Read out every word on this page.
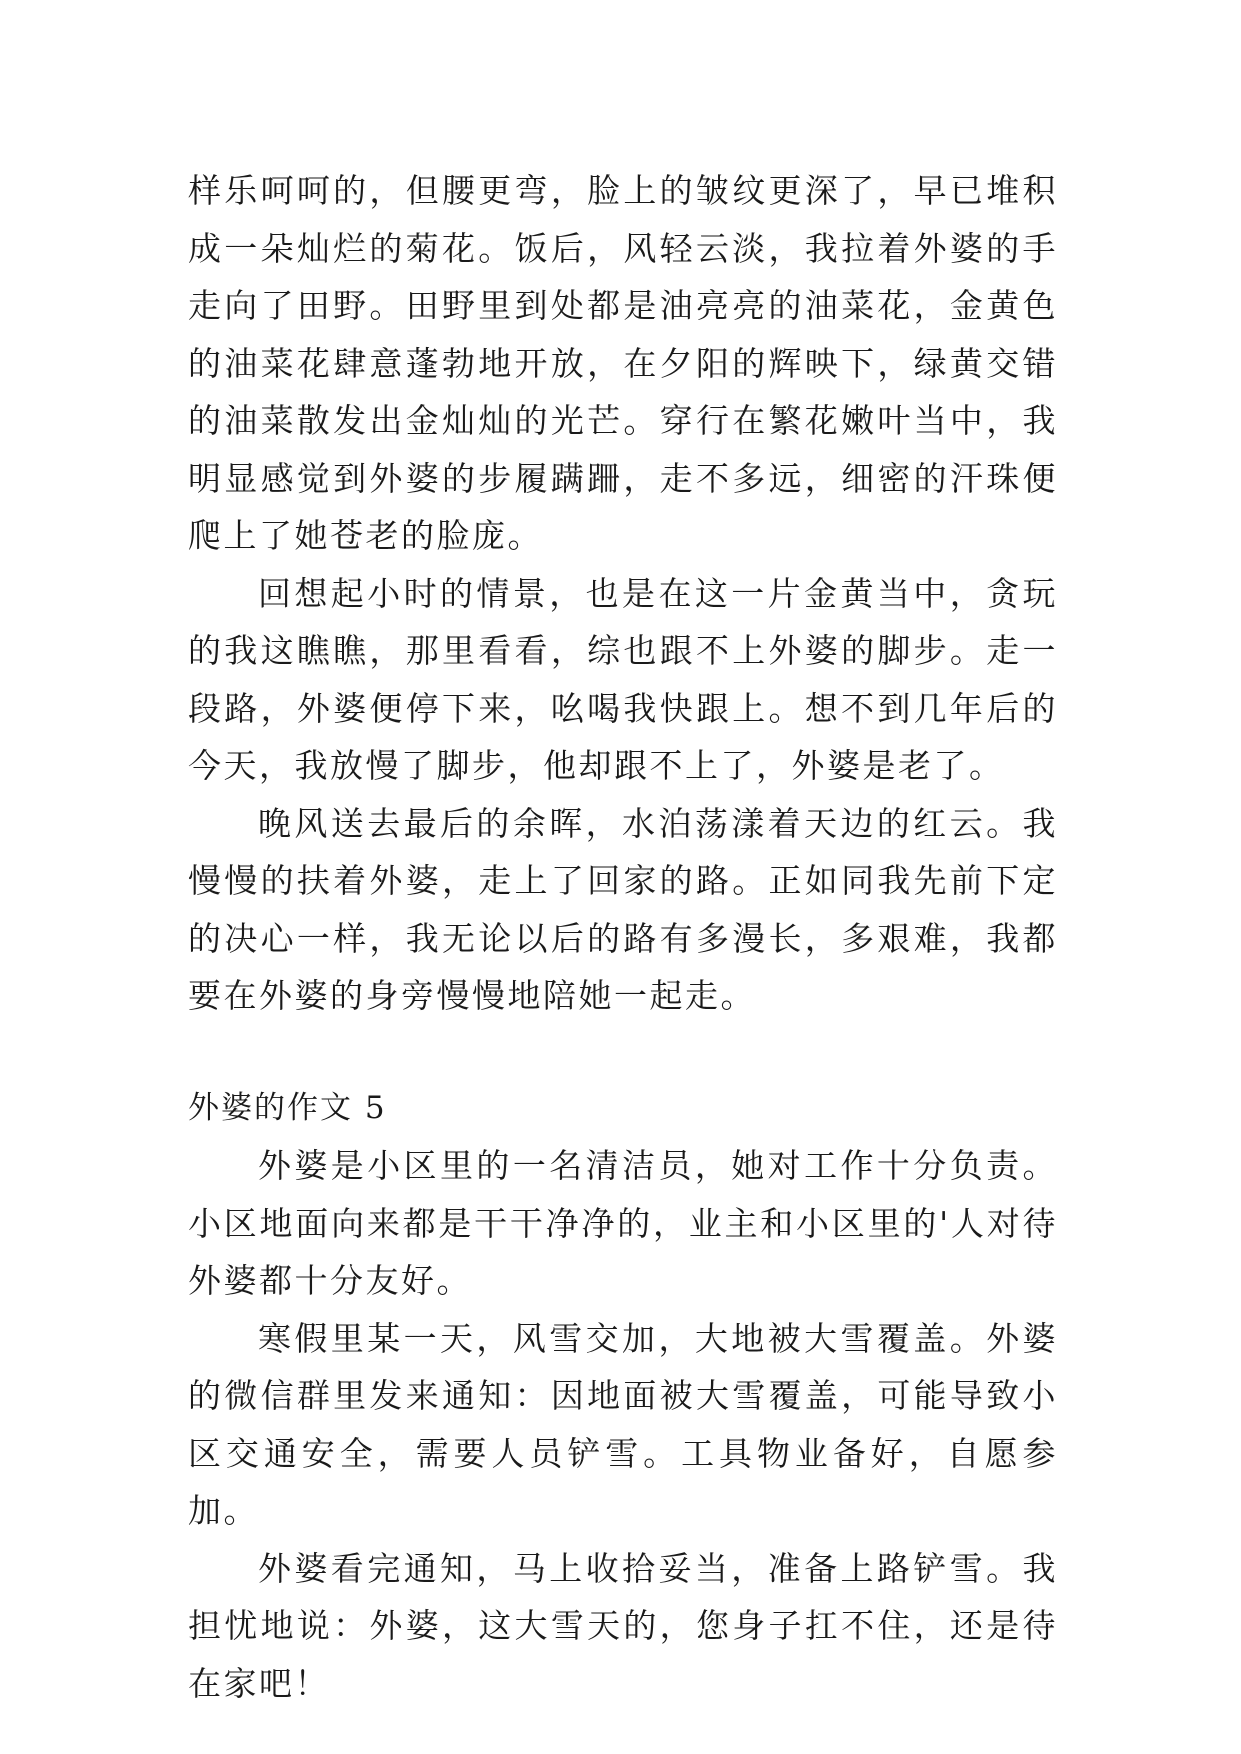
样乐呵呵的，但腰更弯，脸上的皱纹更深了，早已堆积成一朵灿烂的菊花。饭后，风轻云淡，我拉着外婆的手走向了田野。田野里到处都是油亮亮的油菜花，金黄色的油菜花肆意蓬勃地开放，在夕阳的辉映下，绿黄交错的油菜散发出金灿灿的光芒。穿行在繁花嫩叶当中，我明显感觉到外婆的步履蹒跚，走不多远，细密的汗珠便爬上了她苍老的脸庞。

回想起小时的情景，也是在这一片金黄当中，贪玩的我这瞧瞧，那里看看，综也跟不上外婆的脚步。走一段路，外婆便停下来，吆喝我快跟上。想不到几年后的今天，我放慢了脚步，他却跟不上了，外婆是老了。

晚风送去最后的余晖，水泊荡漾着天边的红云。我慢慢的扶着外婆，走上了回家的路。正如同我先前下定的决心一样，我无论以后的路有多漫长，多艰难，我都要在外婆的身旁慢慢地陪她一起走。

外婆的作文 5

外婆是小区里的一名清洁员，她对工作十分负责。小区地面向来都是干干净净的，业主和小区里的'人对待外婆都十分友好。

寒假里某一天，风雪交加，大地被大雪覆盖。外婆的微信群里发来通知：因地面被大雪覆盖，可能导致小区交通安全，需要人员铲雪。工具物业备好，自愿参加。

外婆看完通知，马上收拾妥当，准备上路铲雪。我担忧地说：外婆，这大雪天的，您身子扛不住，还是待在家吧！
